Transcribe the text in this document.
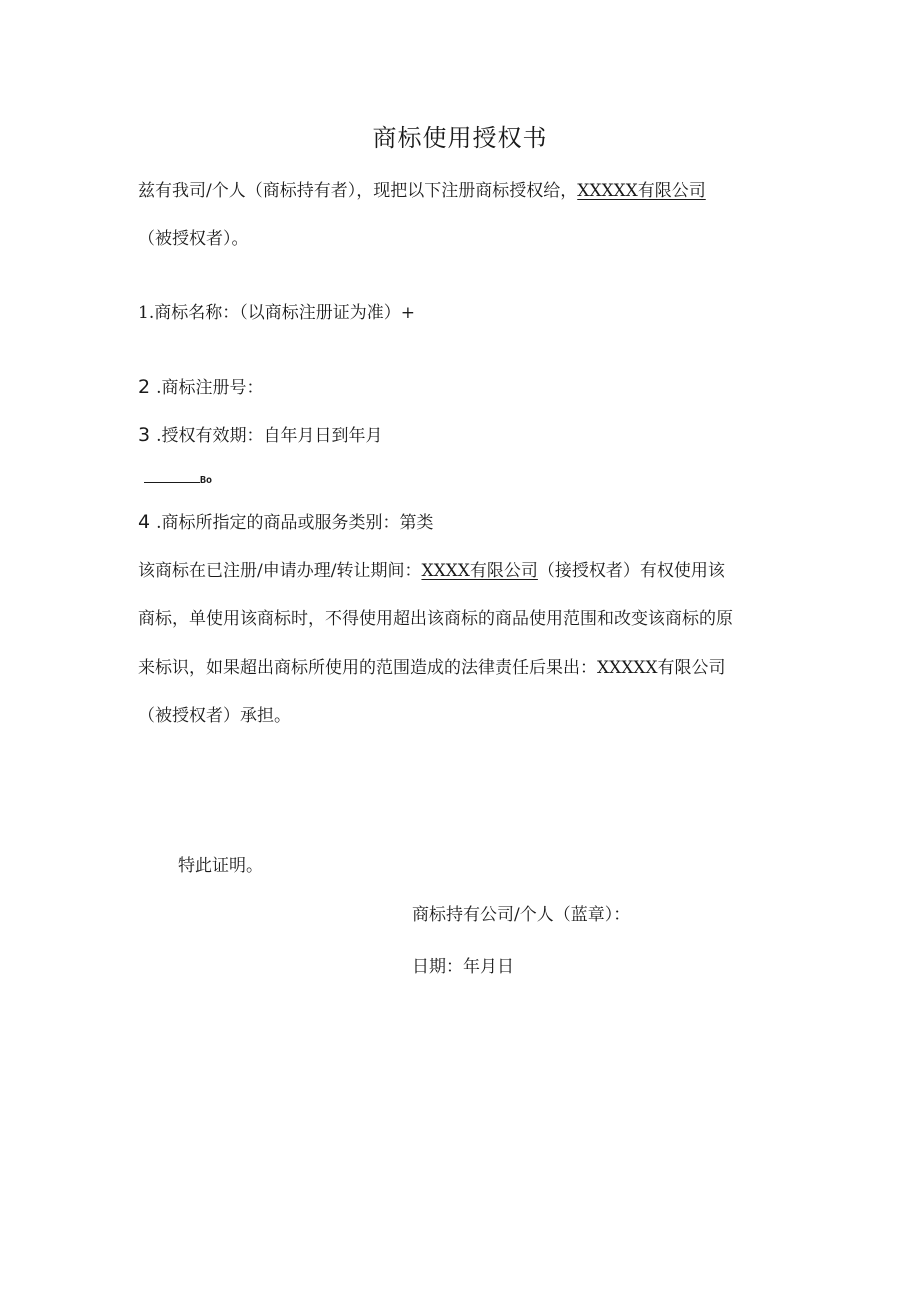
商标使用授权书

兹有我司/个人（商标持有者），现把以下注册商标授权给，XXXXX有限公司

（被授权者）。

1.商标名称：（以商标注册证为准）+

2 .商标注册号：

3 .授权有效期：自年月日到年月

Bo

4 .商标所指定的商品或服务类别：第类

该商标在已注册/申请办理/转让期间：XXXX有限公司（接授权者）有权使用该

商标，单使用该商标时，不得使用超出该商标的商品使用范围和改变该商标的原

来标识，如果超出商标所使用的范围造成的法律责任后果出：XXXXX有限公司

（被授权者）承担。

特此证明。

商标持有公司/个人（蓝章）：

日期：年月日
